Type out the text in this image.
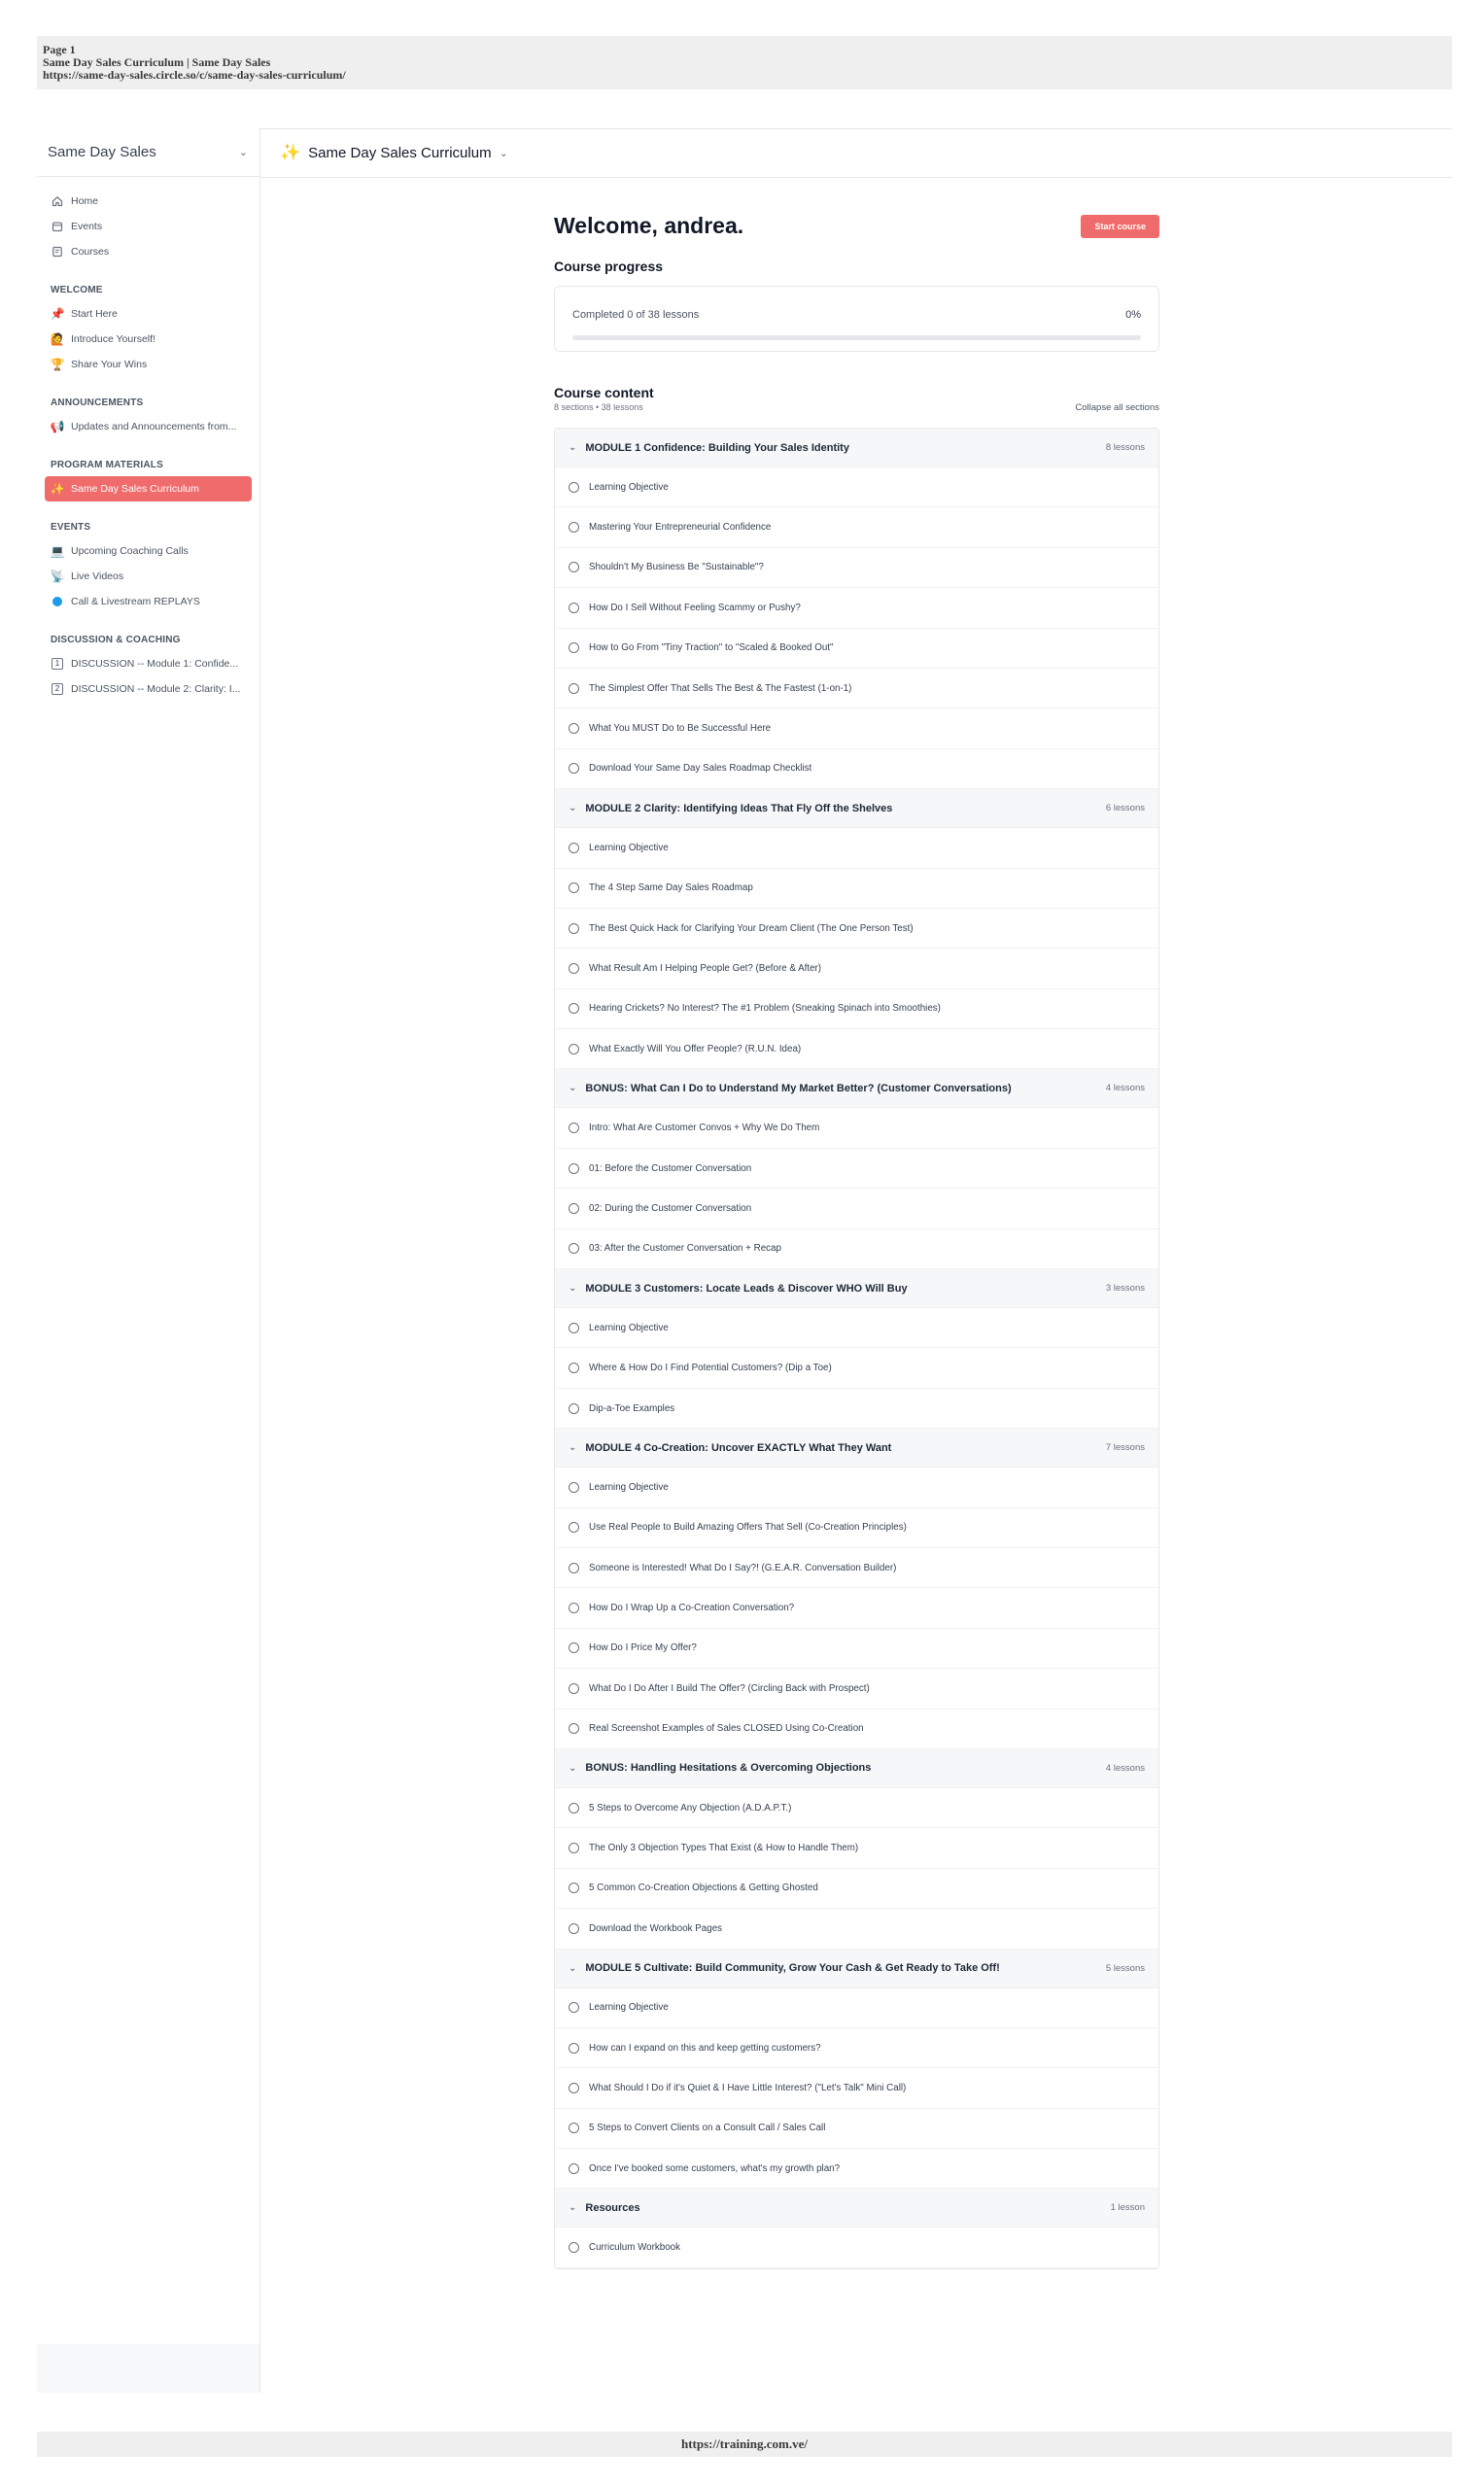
Page 1
Same Day Sales Curriculum | Same Day Sales
https://same-day-sales.circle.so/c/same-day-sales-curriculum/
Same Day Sales	⌄
Home
Events
Courses
WELCOME
📌 Start Here
🙋 Introduce Yourself!
🏆 Share Your Wins
ANNOUNCEMENTS
📢 Updates and Announcements from...
PROGRAM MATERIALS
✨ Same Day Sales Curriculum
EVENTS
💻 Upcoming Coaching Calls
📡 Live Videos
Call & Livestream REPLAYS
DISCUSSION & COACHING
1	DISCUSSION -- Module 1: Confide...
2	DISCUSSION -- Module 2: Clarity: I...
✨ Same Day Sales Curriculum ⌄
Welcome, andrea.	Start course
Course progress
Completed 0 of 38 lessons	0%
Course content
8 sections • 38 lessons	Collapse all sections
⌄ MODULE 1 Confidence: Building Your Sales Identity	8 lessons
Learning Objective
Mastering Your Entrepreneurial Confidence
Shouldn't My Business Be "Sustainable"?
How Do I Sell Without Feeling Scammy or Pushy?
How to Go From "Tiny Traction" to "Scaled & Booked Out"
The Simplest Offer That Sells The Best & The Fastest (1-on-1)
What You MUST Do to Be Successful Here
Download Your Same Day Sales Roadmap Checklist
⌄ MODULE 2 Clarity: Identifying Ideas That Fly Off the Shelves	6 lessons
Learning Objective
The 4 Step Same Day Sales Roadmap
The Best Quick Hack for Clarifying Your Dream Client (The One Person Test)
What Result Am I Helping People Get? (Before & After)
Hearing Crickets? No Interest? The #1 Problem (Sneaking Spinach into Smoothies)
What Exactly Will You Offer People? (R.U.N. Idea)
⌄ BONUS: What Can I Do to Understand My Market Better? (Customer Conversations)	4 lessons
Intro: What Are Customer Convos + Why We Do Them
01: Before the Customer Conversation
02: During the Customer Conversation
03: After the Customer Conversation + Recap
⌄ MODULE 3 Customers: Locate Leads & Discover WHO Will Buy	3 lessons
Learning Objective
Where & How Do I Find Potential Customers? (Dip a Toe)
Dip-a-Toe Examples
⌄ MODULE 4 Co-Creation: Uncover EXACTLY What They Want	7 lessons
Learning Objective
Use Real People to Build Amazing Offers That Sell (Co-Creation Principles)
Someone is Interested! What Do I Say?! (G.E.A.R. Conversation Builder)
How Do I Wrap Up a Co-Creation Conversation?
How Do I Price My Offer?
What Do I Do After I Build The Offer? (Circling Back with Prospect)
Real Screenshot Examples of Sales CLOSED Using Co-Creation
⌄ BONUS: Handling Hesitations & Overcoming Objections	4 lessons
5 Steps to Overcome Any Objection (A.D.A.P.T.)
The Only 3 Objection Types That Exist (& How to Handle Them)
5 Common Co-Creation Objections & Getting Ghosted
Download the Workbook Pages
⌄ MODULE 5 Cultivate: Build Community, Grow Your Cash & Get Ready to Take Off!	5 lessons
Learning Objective
How can I expand on this and keep getting customers?
What Should I Do if it's Quiet & I Have Little Interest? ("Let's Talk" Mini Call)
5 Steps to Convert Clients on a Consult Call / Sales Call
Once I've booked some customers, what's my growth plan?
⌄ Resources	1 lesson
Curriculum Workbook
https://training.com.ve/
